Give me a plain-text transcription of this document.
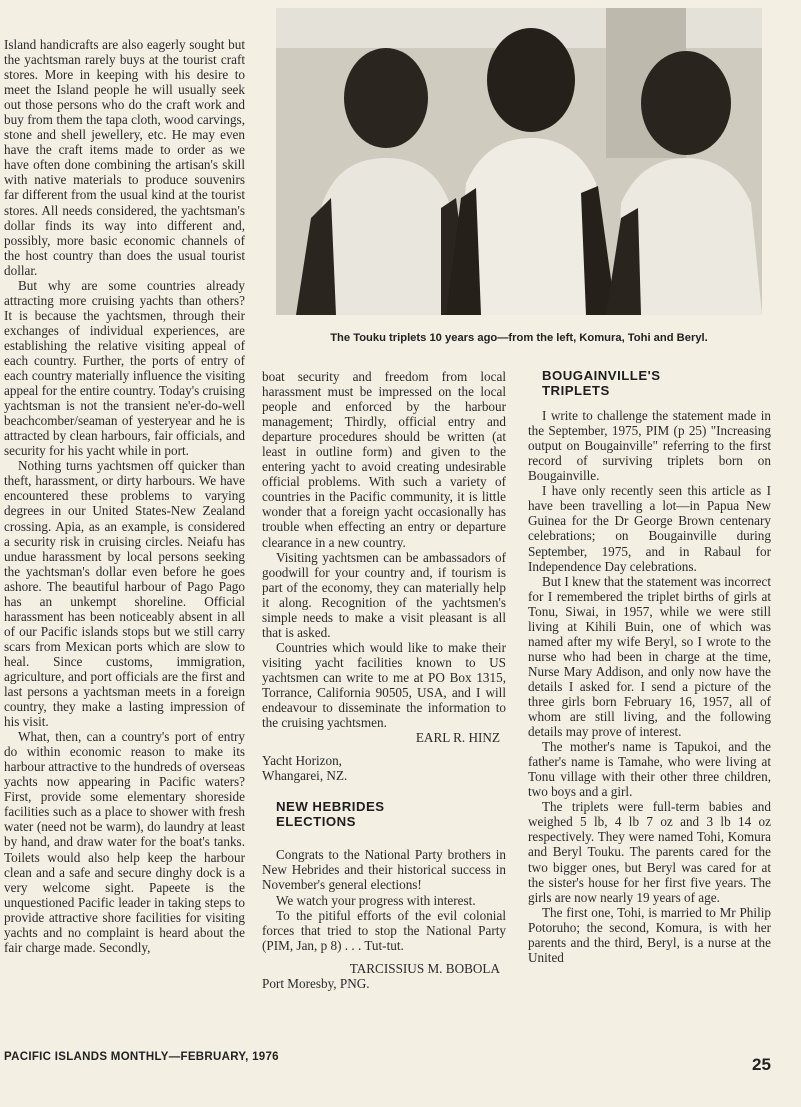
The Touku triplets 10 years ago—from the left, Komura, Tohi and Beryl.

Island handicrafts are also eagerly sought but the yachtsman rarely buys at the tourist craft stores. More in keeping with his desire to meet the Island people he will usually seek out those persons who do the craft work and buy from them the tapa cloth, wood carvings, stone and shell jewellery, etc. He may even have the craft items made to order as we have often done combining the artisan's skill with native materials to produce souvenirs far different from the usual kind at the tourist stores. All needs considered, the yachtsman's dollar finds its way into different and, possibly, more basic economic channels of the host country than does the usual tourist dollar.

But why are some countries already attracting more cruising yachts than others? It is because the yachtsmen, through their exchanges of individual experiences, are establishing the relative visiting appeal of each country. Further, the ports of entry of each country materially influence the visiting appeal for the entire country. Today's cruising yachtsman is not the transient ne'er-do-well beachcomber/seaman of yesteryear and he is attracted by clean harbours, fair officials, and security for his yacht while in port.

Nothing turns yachtsmen off quicker than theft, harassment, or dirty harbours. We have encountered these problems to varying degrees in our United States-New Zealand crossing. Apia, as an example, is considered a security risk in cruising circles. Neiafu has undue harassment by local persons seeking the yachtsman's dollar even before he goes ashore. The beautiful harbour of Pago Pago has an unkempt shoreline. Official harassment has been noticeably absent in all of our Pacific islands stops but we still carry scars from Mexican ports which are slow to heal. Since customs, immigration, agriculture, and port officials are the first and last persons a yachtsman meets in a foreign country, they make a lasting impression of his visit.

What, then, can a country's port of entry do within economic reason to make its harbour attractive to the hundreds of overseas yachts now appearing in Pacific waters? First, provide some elementary shoreside facilities such as a place to shower with fresh water (need not be warm), do laundry at least by hand, and draw water for the boat's tanks. Toilets would also help keep the harbour clean and a safe and secure dinghy dock is a very welcome sight. Papeete is the unquestioned Pacific leader in taking steps to provide attractive shore facilities for visiting yachts and no complaint is heard about the fair charge made. Secondly,

boat security and freedom from local harassment must be impressed on the local people and enforced by the harbour management; Thirdly, official entry and departure procedures should be written (at least in outline form) and given to the entering yacht to avoid creating undesirable official problems. With such a variety of countries in the Pacific community, it is little wonder that a foreign yacht occasionally has trouble when effecting an entry or departure clearance in a new country.

Visiting yachtsmen can be ambassadors of goodwill for your country and, if tourism is part of the economy, they can materially help it along. Recognition of the yachtsmen's simple needs to make a visit pleasant is all that is asked.

Countries which would like to make their visiting yacht facilities known to US yachtsmen can write to me at PO Box 1315, Torrance, California 90505, USA, and I will endeavour to disseminate the information to the cruising yachtsmen.

EARL R. HINZ

Yacht Horizon,

Whangarei, NZ.

NEW HEBRIDES

ELECTIONS

Congrats to the National Party brothers in New Hebrides and their historical success in November's general elections!

We watch your progress with interest.

To the pitiful efforts of the evil colonial forces that tried to stop the National Party (PIM, Jan, p 8) . . . Tut-tut.

TARCISSIUS M. BOBOLA

Port Moresby, PNG.

BOUGAINVILLE'S

TRIPLETS

I write to challenge the statement made in the September, 1975, PIM (p 25) "Increasing output on Bougainville" referring to the first record of surviving triplets born on Bougainville.

I have only recently seen this article as I have been travelling a lot—in Papua New Guinea for the Dr George Brown centenary celebrations; on Bougainville during September, 1975, and in Rabaul for Independence Day celebrations.

But I knew that the statement was incorrect for I remembered the triplet births of girls at Tonu, Siwai, in 1957, while we were still living at Kihili Buin, one of which was named after my wife Beryl, so I wrote to the nurse who had been in charge at the time, Nurse Mary Addison, and only now have the details I asked for. I send a picture of the three girls born February 16, 1957, all of whom are still living, and the following details may prove of interest.

The mother's name is Tapukoi, and the father's name is Tamahe, who were living at Tonu village with their other three children, two boys and a girl.

The triplets were full-term babies and weighed 5 lb, 4 lb 7 oz and 3 lb 14 oz respectively. They were named Tohi, Komura and Beryl Touku. The parents cared for the two bigger ones, but Beryl was cared for at the sister's house for her first five years. The girls are now nearly 19 years of age.

The first one, Tohi, is married to Mr Philip Potoruho; the second, Komura, is with her parents and the third, Beryl, is a nurse at the United

PACIFIC ISLANDS MONTHLY—FEBRUARY, 1976	25
